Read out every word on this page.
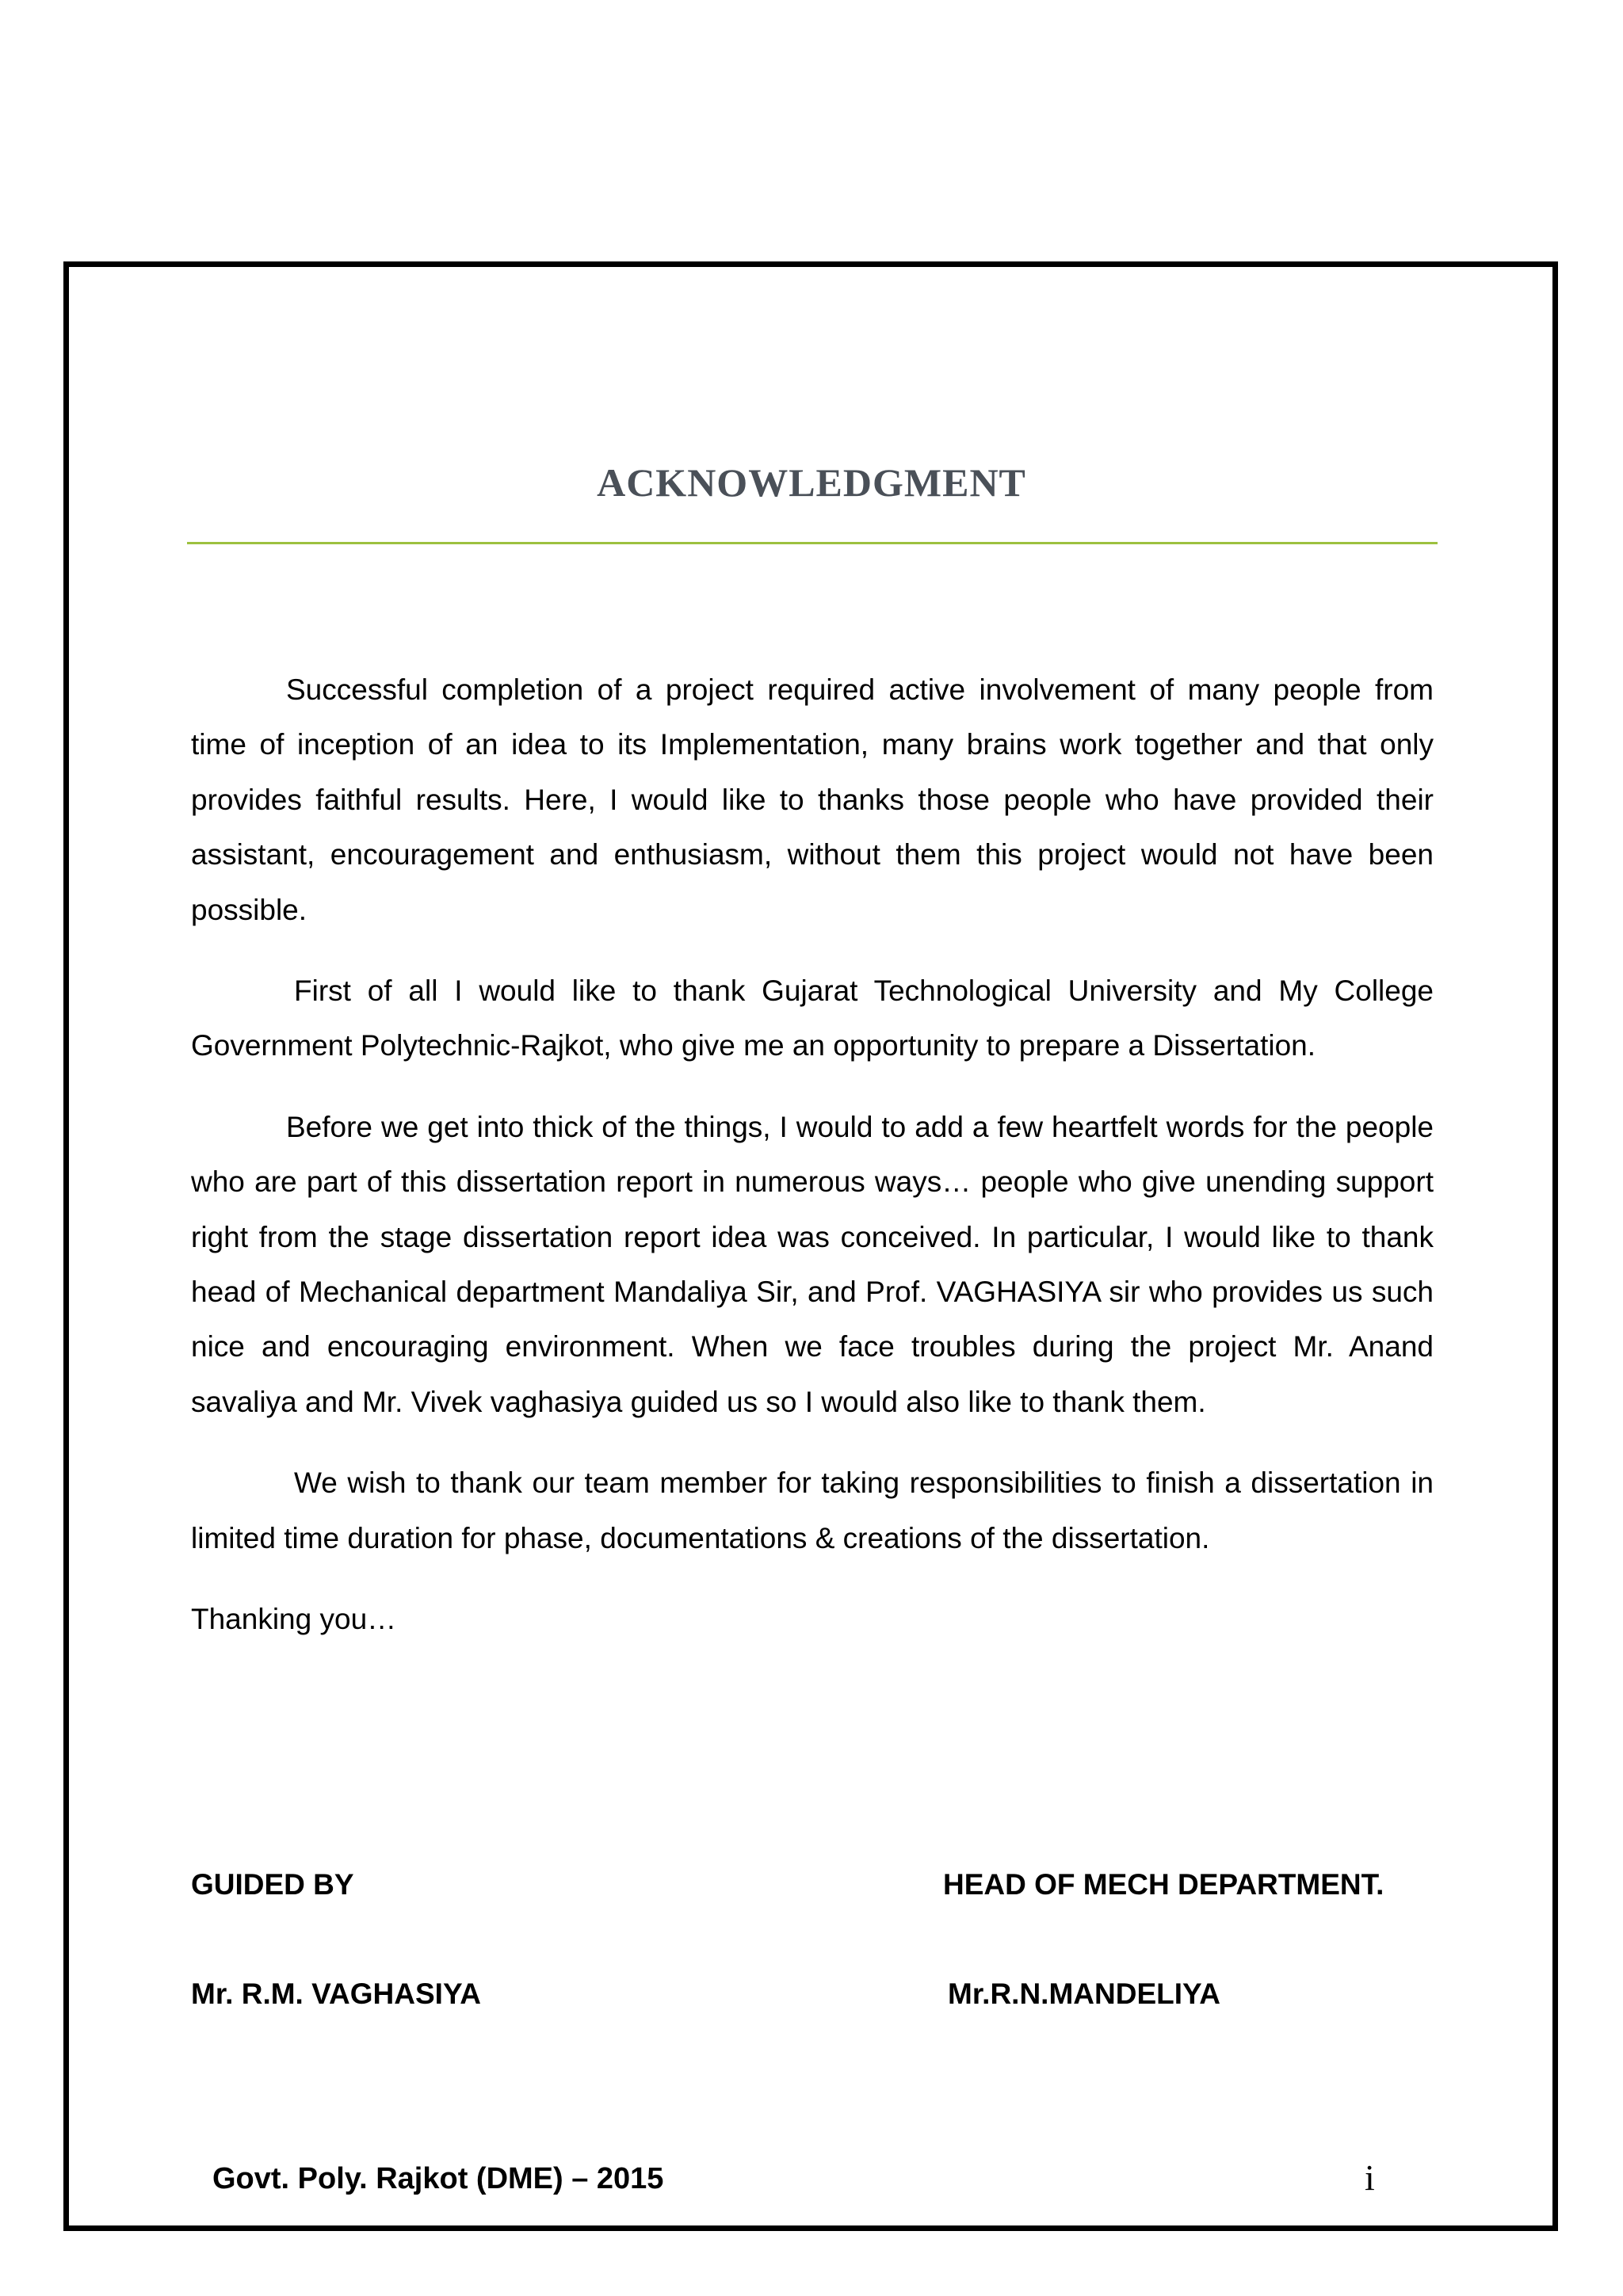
ACKNOWLEDGMENT

Successful completion of a project required active involvement of many people from time of inception of an idea to its Implementation, many brains work together and that only provides faithful results. Here, I would like to thanks those people who have provided their assistant, encouragement and enthusiasm, without them this project would not have been possible.

First of all I would like to thank Gujarat Technological University and My College Government Polytechnic-Rajkot, who give me an opportunity to prepare a Dissertation.

Before we get into thick of the things, I would to add a few heartfelt words for the people who are part of this dissertation report in numerous ways… people who give unending support right from the stage dissertation report idea was conceived. In particular, I would like to thank head of Mechanical department Mandaliya Sir, and Prof. VAGHASIYA sir who provides us such nice and encouraging environment. When we face troubles during the project Mr. Anand savaliya and Mr. Vivek vaghasiya guided us so I would also like to thank them.

We wish to thank our team member for taking responsibilities to finish a dissertation in limited time duration for phase, documentations & creations of the dissertation.

Thanking you…

GUIDED BY	HEAD OF MECH DEPARTMENT.
Mr. R.M. VAGHASIYA	Mr.R.N.MANDELIYA
Govt. Poly. Rajkot (DME) – 2015	i
